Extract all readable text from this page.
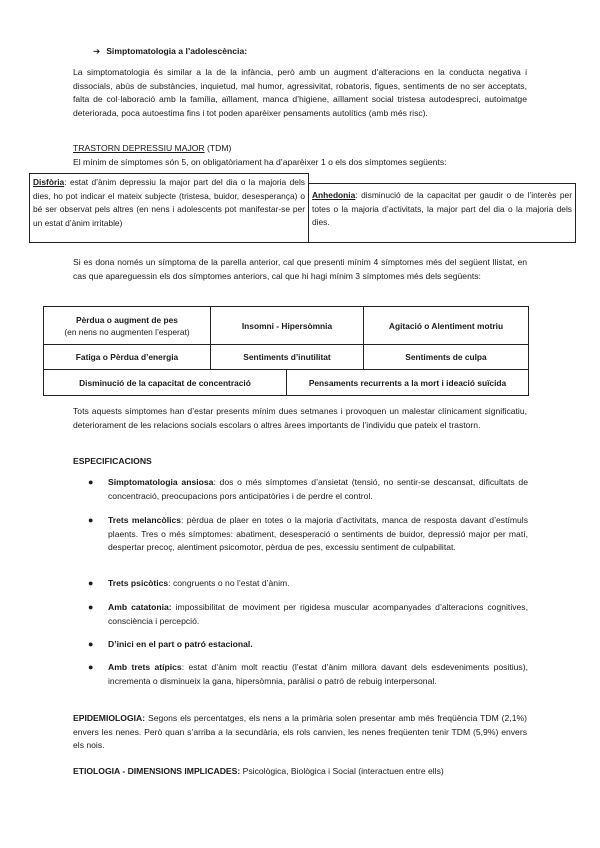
➔ Simptomatologia a l’adolescència:
La simptomatologia és similar a la de la infància, però amb un augment d’alteracions en la conducta negativa i dissocials, abús de substàncies, inquietud, mal humor, agressivitat, robatoris, figues, sentiments de no ser acceptats, falta de col·laboració amb la família, aïllament, manca d’higiene, aïllament social tristesa autodespreci, autoimatge deteriorada, poca autoestima fins i tot poden aparèixer pensaments autolítics (amb més risc).
TRASTORN DEPRESSIU MAJOR (TDM)
El mínim de símptomes són 5, on obligatòriament ha d’aparèixer 1 o els dos símptomes següents:
Disfòria: estat d’ànim depressiu la major part del dia o la majoria dels dies, ho pot indicar el mateix subjecte (tristesa, buidor, desesperança) o bé ser observat pels altres (en nens i adolescents pot manifestar-se per un estat d’ànim irritable)
Anhedonia: disminució de la capacitat per gaudir o de l’interès per totes o la majoria d’activitats, la major part del dia o la majoria dels dies.
Si es dona només un símptoma de la parella anterior, cal que presenti mínim 4 símptomes més del següent llistat, en cas que apareguessin els dos símptomes anteriors, cal que hi hagi mínim 3 símptomes més dels següents:
Pèrdua o augment de pes
(en nens no augmenten l’esperat)
Insomni - Hipersòmnia	Agitació o Alentiment motriu
Fatiga o Pèrdua d’energia	Sentiments d’inutilitat	Sentiments de culpa
Disminució de la capacitat de concentració	Pensaments recurrents a la mort i ideació suïcida
Tots aquests símptomes han d’estar presents mínim dues setmanes i provoquen un malestar clínicament significatiu, deteriorament de les relacions socials escolars o altres àrees importants de l’individu que pateix el trastorn.
ESPECIFICACIONS
● Simptomatologia ansiosa: dos o més símptomes d’ansietat (tensió, no sentir-se descansat, dificultats de concentració, preocupacions pors anticipatòries i de perdre el control.
● Trets melancòlics: pèrdua de plaer en totes o la majoria d’activitats, manca de resposta davant d’estímuls plaents. Tres o més símptomes: abatiment, desesperació o sentiments de buidor, depressió major per matí, despertar precoç, alentiment psicomotor, pèrdua de pes, excessiu sentiment de culpabilitat.
● Trets psicòtics: congruents o no l’estat d’ànim.
● Amb catatonia: impossibilitat de moviment per rigidesa muscular acompanyades d’alteracions cognitives, consciència i percepció.
● D’inici en el part o patró estacional.
● Amb trets atípics: estat d’ànim molt reactiu (l’estat d’ànim millora davant dels esdeveniments positius), incrementa o disminueix la gana, hipersòmnia, paràlisi o patró de rebuig interpersonal.
EPIDEMIOLOGIA: Segons els percentatges, els nens a la primària solen presentar amb més freqüència TDM (2,1%) envers les nenes. Però quan s’arriba a la secundària, els rols canvien, les nenes freqüenten tenir TDM (5,9%) envers els nois.
ETIOLOGIA - DIMENSIONS IMPLICADES: Psicològica, Biològica i Social (interactuen entre ells)
